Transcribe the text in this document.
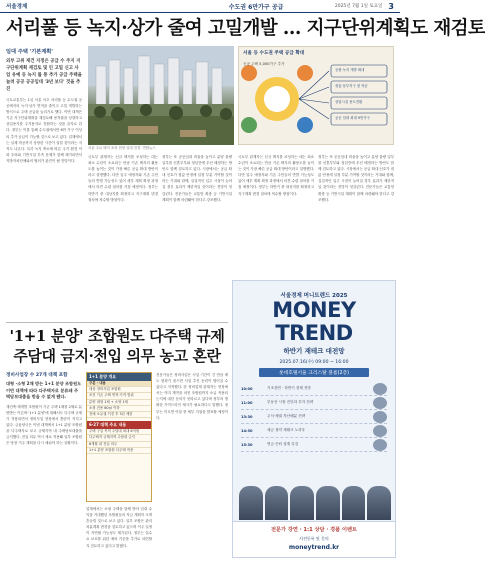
서울경제	수도권 6만가구 공급	2025년 7월 1일 토요일 3
서리풀 등 녹지·상가 줄여 고밀개발 … 지구단위계획도 재검토
임대 주택 '기본계획'
외부 고위 재건 지정은 공급 수 주지 지구단위계획 재검토 및 인 고밀 신고 사업 유예 등 녹지 를 통 추가 공급 주택을 늘려 공공 공공임대 '3년 보다' 것을 추진
국토교통부는 1일 서울 서초 서리풀 등 수도권 공공택지의 녹지·상가 면적을 줄이고 고밀 개발하는 방식으로 주택 공급을 늘리기로 했다. 이번 대책은 기존 지구단위계획을 재검토해 용적률을 상향하고 상업용지를 주거용지로 전환하는 것을 골자로 한다. 정부는 이를 통해 수도권에서만 6만 가구 이상의 추가 공급이 가능할 것으로 보고 있다. 업계에서는 실제 착공까지 상당한 시간이 걸릴 것이라는 지적도 나온다. 특히 녹지 축소에 따른 주거 환경 악화 우려와 기반시설 부족 문제가 함께 제기되면서 지방자치단체와의 협의가 관건이 될 전망이다.
서울 주요 택지 조성 현장 일대 전경. 연합뉴스
서울 등 수도권 주택 공급 확대
공공 주택 5,000가구 추가
공원·녹지 개발 확대
장흥·동부지구 첫 착공
상업시설 용도전환
공공 임대 최대 9만가구
국토부 관계자는 신규 택지를 조성하는 데는 최소 수년이 소요되는 만큼 기존 택지의 활용도를 높이는 것이 가장 빠른 공급 확대 방안이라고 설명했다. 다만 입주 예정자와 기존 주민들의 반발 가능성도 있어 세부 계획 확정 과정에서 의견 수렴 절차를 거칠 예정이다. 정부는 하반기 중 대상지를 확정하고 지구계획 변경 절차에 착수할 방침이다.
정부는 또 공공임대 비율을 높이고 분양 물량 일부를 신혼부부와 청년층에 우선 배정하는 방안도 함께 검토하고 있다. 시장에서는 공급 확대 신호가 집값 안정에 일정 부분 기여할 것이라는 기대와 함께, 실질적인 입주 시점이 늦어질 경우 효과가 제한적일 것이라는 전망이 엇갈린다. 전문가들은 교통망 확충 등 기반시설 계획이 함께 마련돼야 한다고 강조했다.
국토부 관계자는 신규 택지를 조성하는 데는 최소 수년이 소요되는 만큼 기존 택지의 활용도를 높이는 것이 가장 빠른 공급 확대 방안이라고 설명했다. 다만 입주 예정자와 기존 주민들의 반발 가능성도 있어 세부 계획 확정 과정에서 의견 수렴 절차를 거칠 예정이다. 정부는 하반기 중 대상지를 확정하고 지구계획 변경 절차에 착수할 방침이다.
정부는 또 공공임대 비율을 높이고 분양 물량 일부를 신혼부부와 청년층에 우선 배정하는 방안도 함께 검토하고 있다. 시장에서는 공급 확대 신호가 집값 안정에 일정 부분 기여할 것이라는 기대와 함께, 실질적인 입주 시점이 늦어질 경우 효과가 제한적일 것이라는 전망이 엇갈린다. 전문가들은 교통망 확충 등 기반시설 계획이 함께 마련돼야 한다고 강조했다.
'1+1 분양' 조합원도 다주택 규제
주담대 금지·전입 의무 농고 혼란
정비사업장 수 27개 대책 포함
대형 ·소형 2채 받는 1+1 분양 조합원도 이번 대책에 따라 다주택자로 분류돼 주택담보대출을 받을 수 없게 됐다.
재건축·재개발 조합원이 기존 주택 1채를 2채로 분양받는 이른바 '1+1 분양'에 대해서도 다주택 규제가 적용되면서 정비사업 현장에서 혼란이 커지고 있다. 금융당국은 이번 대책에서 1+1 분양 조합원을 다주택자로 보고 규제지역 내 주택담보대출을 금지했다. 전입 의무 역시 새로 적용돼 일부 조합원은 당장 거주 계획을 다시 세워야 하는 상황이다.
1+1 분양 개요
구분 · 내용
대상 정비사업 조합원
조건 기존 주택 면적·가격 범위
분양 대형 1채 + 소형 1채
소형 전용 60㎡ 이하
전매 소유권 이전 후 3년 제한
6·27 대책 주요 내용
주택 구입 목적 주담대 최대 6억원
다주택자 규제지역 주담대 금지
6개월 내 전입 의무
1+1 분양 조합원 다주택 적용
전문가들은 정비사업은 사업 기간이 긴 만큼 제도 변화가 잦으면 사업 추진 동력이 떨어질 수 있다고 지적했다. 한 정비업계 관계자는 현장에서는 이미 계약을 마친 조합원까지 소급 적용되는지에 대한 문의가 잇따르고 있다며 정부의 명확한 가이드라인 제시가 필요하다고 말했다. 정부는 이르면 이달 중 세부 지침을 발표할 예정이다.
업계에서는 소형 주택을 함께 받아 임대 수익을 기대했던 조합원들의 자금 계획이 크게 흔들릴 것으로 보고 있다. 일부 조합은 관리처분계획 변경을 검토하고 있으며 이주 일정이 지연될 가능성도 제기된다. 정부는 실수요 보호를 위한 예외 기준을 추가로 마련할지 검토하고 있다고 밝혔다.
서울경제 머니트렌드 2025
MONEY TREND
하반기 재테크 대전망
2025.07.16(수) 09:00 ~ 16:00
롯데호텔서울 크리스탈 볼룸(2층)
10:00	기조강연 · 하반기 경제 전망
11:00	부동산 시장 진단과 투자 전략
13:30	주식·채권 자산배분 전략
14:30	세금 절약 재테크 노하우
15:30	연금·은퇴 설계 특강
전문가 강연 · 1:1 상담 · 경품 이벤트
사전등록 및 문의
moneytrend.kr
